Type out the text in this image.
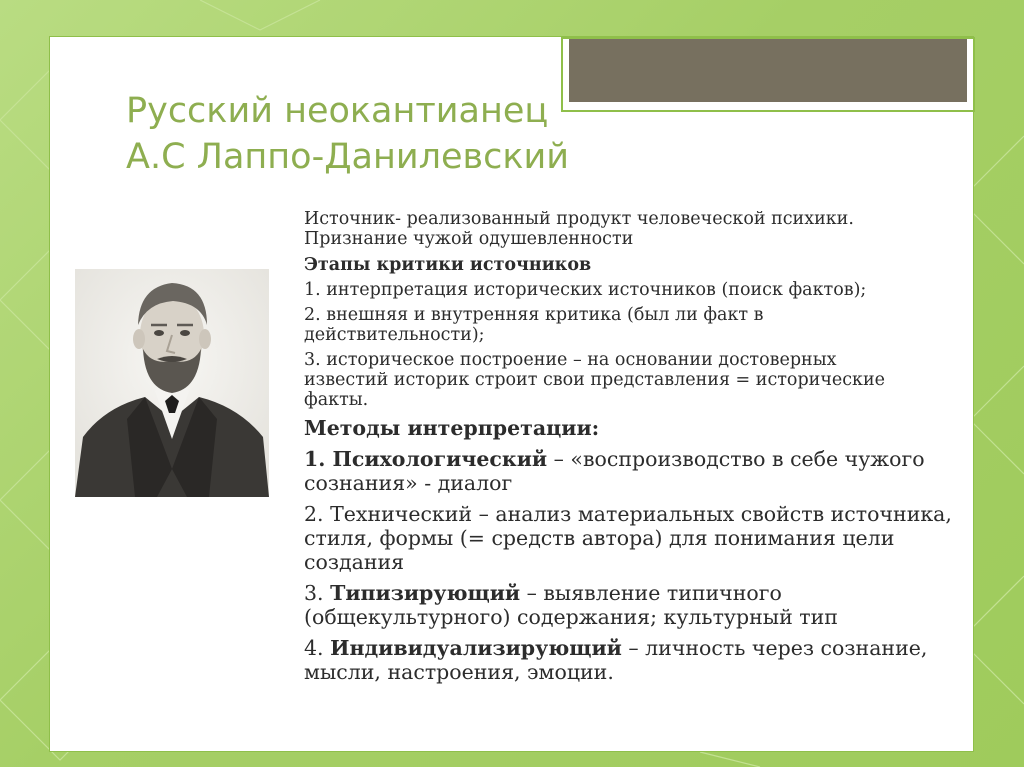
Русский неокантианец
А.С Лаппо-Данилевский

Источник- реализованный продукт человеческой психики.

Признание чужой одушевленности

Этапы критики источников

1. интерпретация исторических источников (поиск фактов);

2. внешняя и внутренняя критика (был ли факт в

действительности);

3. историческое построение – на основании достоверных

известий историк строит свои представления = исторические

факты.

Методы интерпретации:

1. Психологический – «воспроизводство в себе чужого

сознания» - диалог

2. Технический – анализ материальных свойств источника,

стиля, формы (= средств автора) для понимания цели

создания

3. Типизирующий – выявление типичного

(общекультурного) содержания; культурный тип

4. Индивидуализирующий – личность через сознание,

мысли, настроения, эмоции.
